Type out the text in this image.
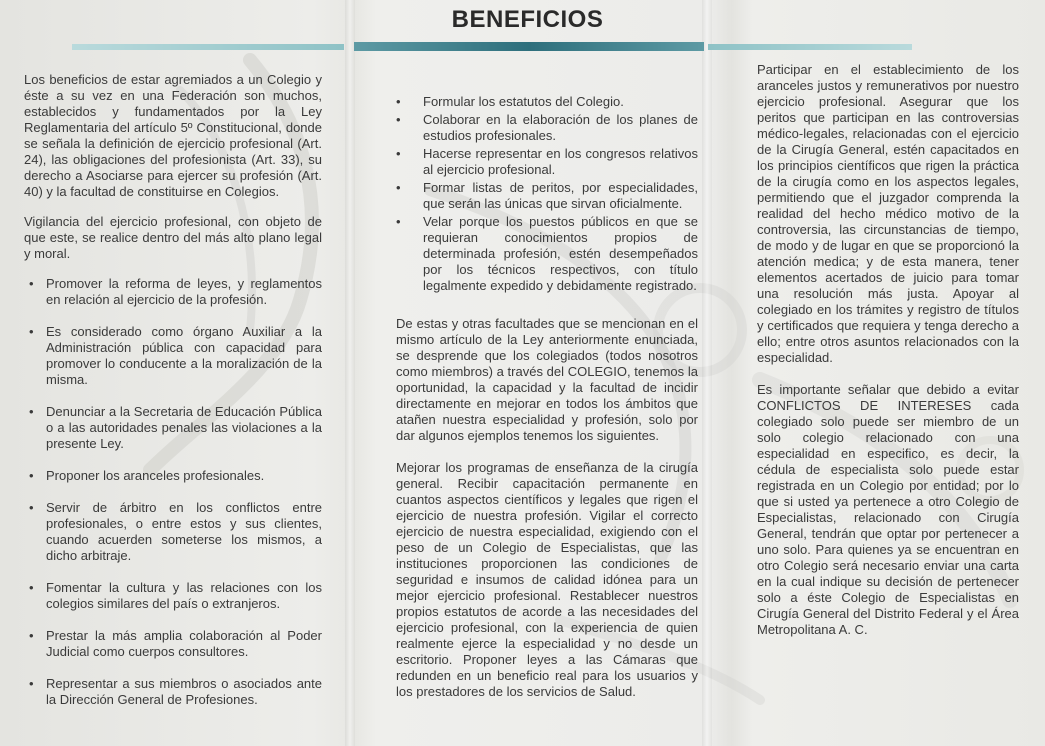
BENEFICIOS

Los beneficios de estar agremiados a un Colegio y éste a su vez en una Federación son muchos, establecidos y fundamentados por la Ley Reglamentaria del artículo 5º Constitucional, donde se señala la definición de ejercicio profesional (Art. 24), las obligaciones del profesionista (Art. 33), su derecho a Asociarse para ejercer su profesión (Art. 40) y la facultad de constituirse en Colegios.

Vigilancia del ejercicio profesional, con objeto de que este, se realice dentro del más alto plano legal y moral.

• Promover la reforma de leyes, y reglamentos en relación al ejercicio de la profesión.
• Es considerado como órgano Auxiliar a la Administración pública con capacidad para promover lo conducente a la moralización de la misma.
• Denunciar a la Secretaria de Educación Pública o a las autoridades penales las violaciones a la presente Ley.
• Proponer los aranceles profesionales.
• Servir de árbitro en los conflictos entre profesionales, o entre estos y sus clientes, cuando acuerden someterse los mismos, a dicho arbitraje.
• Fomentar la cultura y las relaciones con los colegios similares del país o extranjeros.
• Prestar la más amplia colaboración al Poder Judicial como cuerpos consultores.
• Representar a sus miembros o asociados ante la Dirección General de Profesiones.
• Formular los estatutos del Colegio.
• Colaborar en la elaboración de los planes de estudios profesionales.
• Hacerse representar en los congresos relativos al ejercicio profesional.
• Formar listas de peritos, por especialidades, que serán las únicas que sirvan oficialmente.
• Velar porque los puestos públicos en que se requieran conocimientos propios de determinada profesión, estén desempeñados por los técnicos respectivos, con título legalmente expedido y debidamente registrado.

De estas y otras facultades que se mencionan en el mismo artículo de la Ley anteriormente enunciada, se desprende que los colegiados (todos nosotros como miembros) a través del COLEGIO, tenemos la oportunidad, la capacidad y la facultad de incidir directamente en mejorar en todos los ámbitos que atañen nuestra especialidad y profesión, solo por dar algunos ejemplos tenemos los siguientes.

Mejorar los programas de enseñanza de la cirugía general. Recibir capacitación permanente en cuantos aspectos científicos y legales que rigen el ejercicio de nuestra profesión. Vigilar el correcto ejercicio de nuestra especialidad, exigiendo con el peso de un Colegio de Especialistas, que las instituciones proporcionen las condiciones de seguridad e insumos de calidad idónea para un mejor ejercicio profesional. Restablecer nuestros propios estatutos de acorde a las necesidades del ejercicio profesional, con la experiencia de quien realmente ejerce la especialidad y no desde un escritorio. Proponer leyes a las Cámaras que redunden en un beneficio real para los usuarios y los prestadores de los servicios de Salud.

Participar en el establecimiento de los aranceles justos y remunerativos por nuestro ejercicio profesional. Asegurar que los peritos que participan en las controversias médico-legales, relacionadas con el ejercicio de la Cirugía General, estén capacitados en los principios científicos que rigen la práctica de la cirugía como en los aspectos legales, permitiendo que el juzgador comprenda la realidad del hecho médico motivo de la controversia, las circunstancias de tiempo, de modo y de lugar en que se proporcionó la atención medica; y de esta manera, tener elementos acertados de juicio para tomar una resolución más justa. Apoyar al colegiado en los trámites y registro de títulos y certificados que requiera y tenga derecho a ello; entre otros asuntos relacionados con la especialidad.

Es importante señalar que debido a evitar CONFLICTOS DE INTERESES cada colegiado solo puede ser miembro de un solo colegio relacionado con una especialidad en especifico, es decir, la cédula de especialista solo puede estar registrada en un Colegio por entidad; por lo que si usted ya pertenece a otro Colegio de Especialistas, relacionado con Cirugía General, tendrán que optar por pertenecer a uno solo. Para quienes ya se encuentran en otro Colegio será necesario enviar una carta en la cual indique su decisión de pertenecer solo a éste Colegio de Especialistas en Cirugía General del Distrito Federal y el Área Metropolitana A. C.
